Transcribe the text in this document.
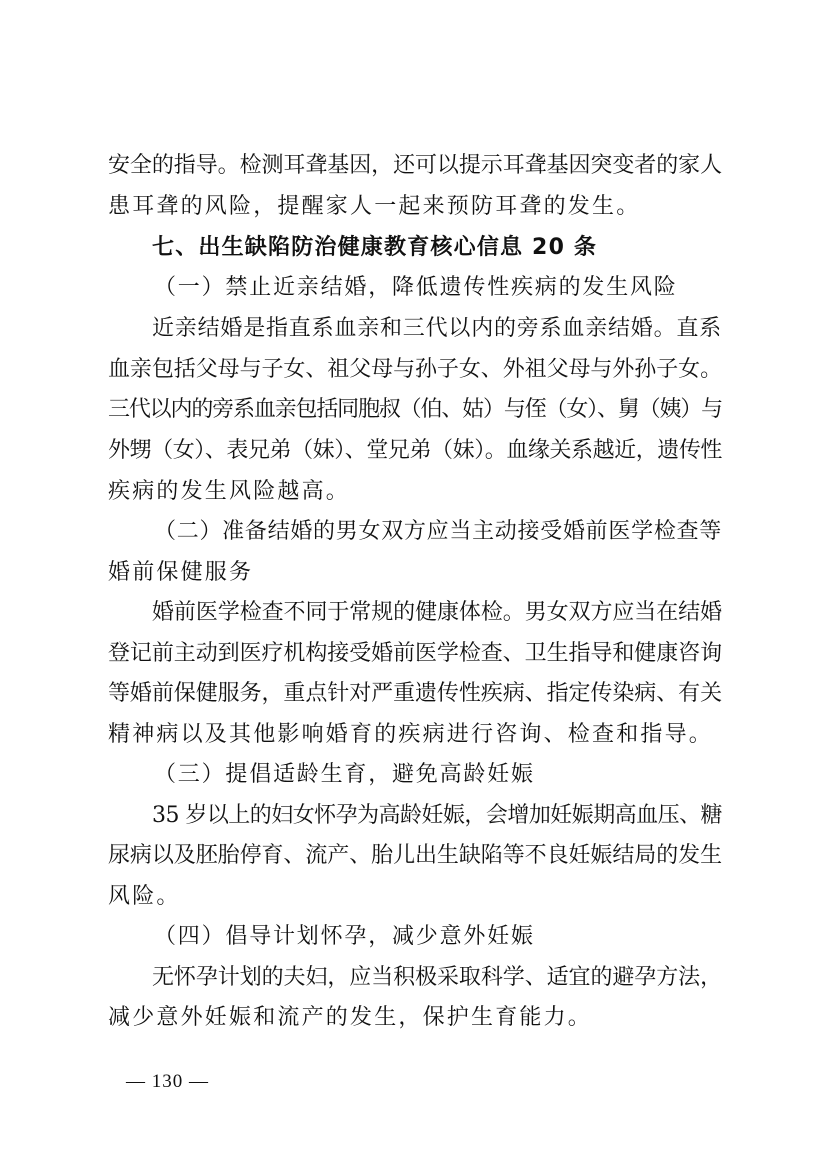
安全的指导。检测耳聋基因，还可以提示耳聋基因突变者的家人
患耳聋的风险，提醒家人一起来预防耳聋的发生。
七、出生缺陷防治健康教育核心信息 20 条
（一）禁止近亲结婚，降低遗传性疾病的发生风险
近亲结婚是指直系血亲和三代以内的旁系血亲结婚。直系
血亲包括父母与子女、祖父母与孙子女、外祖父母与外孙子女。
三代以内的旁系血亲包括同胞叔（伯、姑）与侄（女）、舅（姨）与
外甥（女）、表兄弟（妹）、堂兄弟（妹）。血缘关系越近，遗传性
疾病的发生风险越高。
（二）准备结婚的男女双方应当主动接受婚前医学检查等
婚前保健服务
婚前医学检查不同于常规的健康体检。男女双方应当在结婚
登记前主动到医疗机构接受婚前医学检查、卫生指导和健康咨询
等婚前保健服务，重点针对严重遗传性疾病、指定传染病、有关
精神病以及其他影响婚育的疾病进行咨询、检查和指导。
（三）提倡适龄生育，避免高龄妊娠
35 岁以上的妇女怀孕为高龄妊娠，会增加妊娠期高血压、糖
尿病以及胚胎停育、流产、胎儿出生缺陷等不良妊娠结局的发生
风险。
（四）倡导计划怀孕，减少意外妊娠
无怀孕计划的夫妇，应当积极采取科学、适宜的避孕方法，
减少意外妊娠和流产的发生，保护生育能力。
— 130 —
